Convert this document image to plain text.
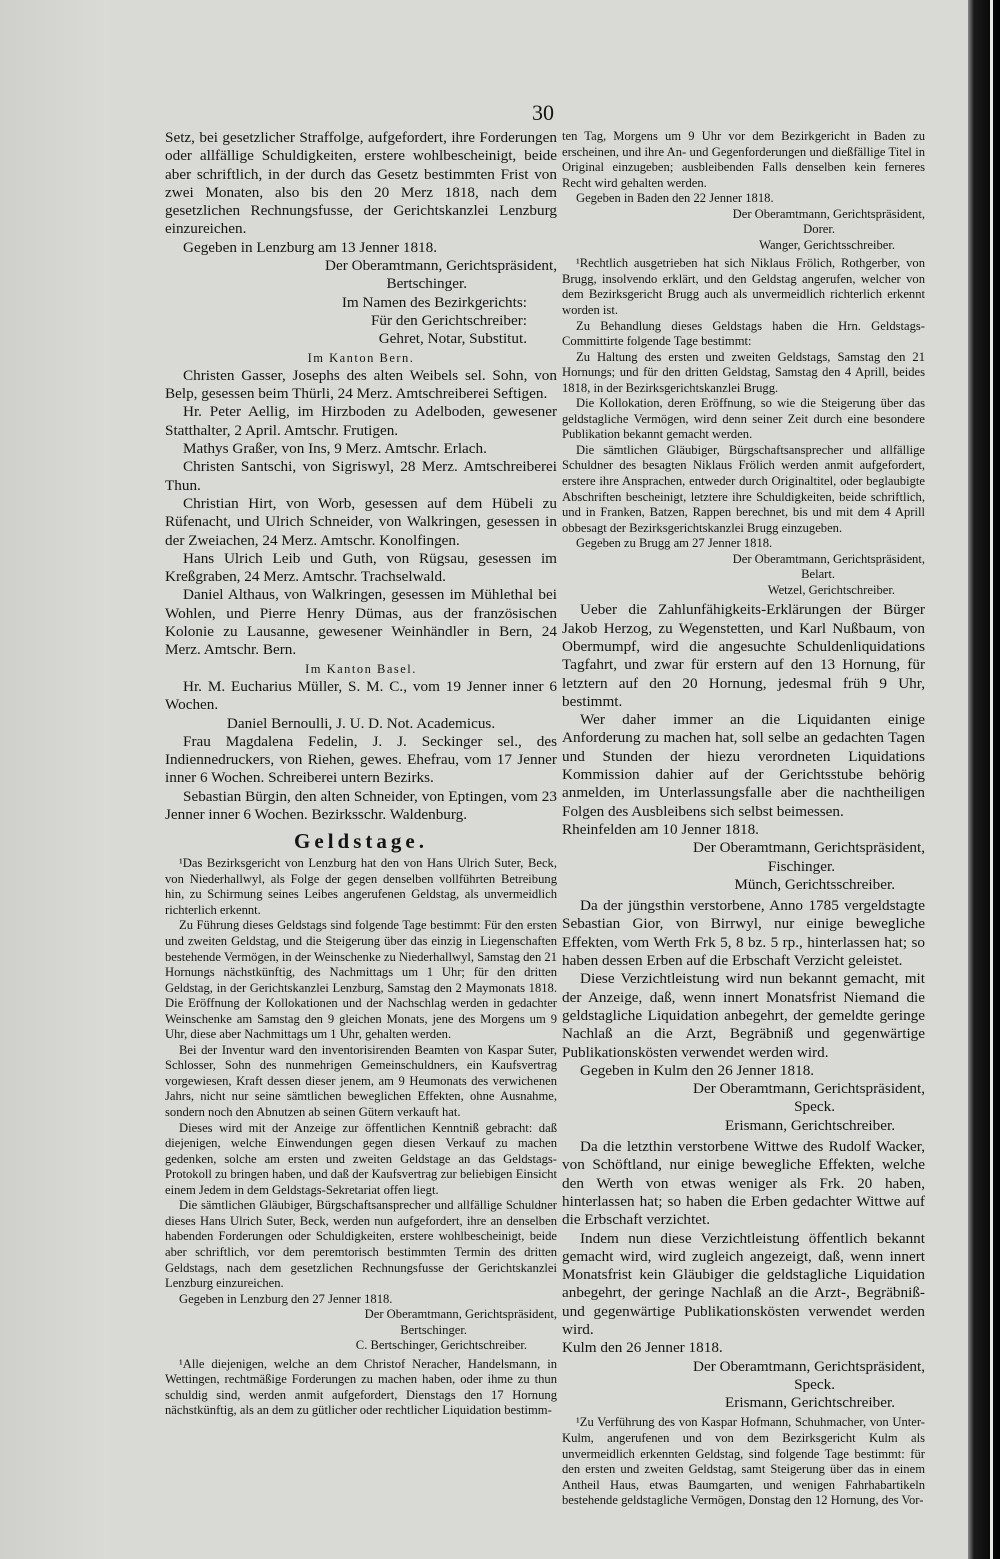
30

Setz, bei gesetzlicher Straffolge, aufgefordert, ihre Forderungen oder allfällige Schuldigkeiten, erstere wohlbescheinigt, beide aber schriftlich, in der durch das Gesetz bestimmten Frist von zwei Monaten, also bis den 20 Merz 1818, nach dem gesetzlichen Rechnungsfusse, der Gerichtskanzlei Lenzburg einzureichen.

Gegeben in Lenzburg am 13 Jenner 1818.

Der Oberamtmann, Gerichtspräsident,

Bertschinger.

Im Namen des Bezirkgerichts:

Für den Gerichtschreiber:

Gehret, Notar, Substitut.

Im Kanton Bern.

Christen Gasser, Josephs des alten Weibels sel. Sohn, von Belp, gesessen beim Thürli, 24 Merz. Amtschreiberei Seftigen.

Hr. Peter Aellig, im Hirzboden zu Adelboden, gewesener Statthalter, 2 April. Amtschr. Frutigen.

Mathys Graßer, von Ins, 9 Merz. Amtschr. Erlach.

Christen Santschi, von Sigriswyl, 28 Merz. Amtschreiberei Thun.

Christian Hirt, von Worb, gesessen auf dem Hübeli zu Rüfenacht, und Ulrich Schneider, von Walkringen, gesessen in der Zweiachen, 24 Merz. Amtschr. Konolfingen.

Hans Ulrich Leib und Guth, von Rügsau, gesessen im Kreßgraben, 24 Merz. Amtschr. Trachselwald.

Daniel Althaus, von Walkringen, gesessen im Mühlethal bei Wohlen, und Pierre Henry Dümas, aus der französischen Kolonie zu Lausanne, gewesener Weinhändler in Bern, 24 Merz. Amtschr. Bern.

Im Kanton Basel.

Hr. M. Eucharius Müller, S. M. C., vom 19 Jenner inner 6 Wochen.

Daniel Bernoulli, J. U. D. Not. Academicus.

Frau Magdalena Fedelin, J. J. Seckinger sel., des Indiennedruckers, von Riehen, gewes. Ehefrau, vom 17 Jenner inner 6 Wochen. Schreiberei untern Bezirks.

Sebastian Bürgin, den alten Schneider, von Eptingen, vom 23 Jenner inner 6 Wochen. Bezirksschr. Waldenburg.

Geldstage.

¹Das Bezirksgericht von Lenzburg hat den von Hans Ulrich Suter, Beck, von Niederhallwyl, als Folge der gegen denselben vollführten Betreibung hin, zu Schirmung seines Leibes angerufenen Geldstag, als unvermeidlich richterlich erkennt.

Zu Führung dieses Geldstags sind folgende Tage bestimmt: Für den ersten und zweiten Geldstag, und die Steigerung über das einzig in Liegenschaften bestehende Vermögen, in der Weinschenke zu Niederhallwyl, Samstag den 21 Hornungs nächstkünftig, des Nachmittags um 1 Uhr; für den dritten Geldstag, in der Gerichtskanzlei Lenzburg, Samstag den 2 Maymonats 1818. Die Eröffnung der Kollokationen und der Nachschlag werden in gedachter Weinschenke am Samstag den 9 gleichen Monats, jene des Morgens um 9 Uhr, diese aber Nachmittags um 1 Uhr, gehalten werden.

Bei der Inventur ward den inventorisirenden Beamten von Kaspar Suter, Schlosser, Sohn des nunmehrigen Gemeinschuldners, ein Kaufsvertrag vorgewiesen, Kraft dessen dieser jenem, am 9 Heumonats des verwichenen Jahrs, nicht nur seine sämtlichen beweglichen Effekten, ohne Ausnahme, sondern noch den Abnutzen ab seinen Gütern verkauft hat.

Dieses wird mit der Anzeige zur öffentlichen Kenntniß gebracht: daß diejenigen, welche Einwendungen gegen diesen Verkauf zu machen gedenken, solche am ersten und zweiten Geldstage an das Geldstags-Protokoll zu bringen haben, und daß der Kaufsvertrag zur beliebigen Einsicht einem Jedem in dem Geldstags-Sekretariat offen liegt.

Die sämtlichen Gläubiger, Bürgschaftsansprecher und allfällige Schuldner dieses Hans Ulrich Suter, Beck, werden nun aufgefordert, ihre an denselben habenden Forderungen oder Schuldigkeiten, erstere wohlbescheinigt, beide aber schriftlich, vor dem peremtorisch bestimmten Termin des dritten Geldstags, nach dem gesetzlichen Rechnungsfusse der Gerichtskanzlei Lenzburg einzureichen.

Gegeben in Lenzburg den 27 Jenner 1818.

Der Oberamtmann, Gerichtspräsident,

Bertschinger.

C. Bertschinger, Gerichtschreiber.

¹Alle diejenigen, welche an dem Christof Neracher, Handelsmann, in Wettingen, rechtmäßige Forderungen zu machen haben, oder ihme zu thun schuldig sind, werden anmit aufgefordert, Dienstags den 17 Hornung nächstkünftig, als an dem zu gütlicher oder rechtlicher Liquidation bestimm-

ten Tag, Morgens um 9 Uhr vor dem Bezirkgericht in Baden zu erscheinen, und ihre An- und Gegenforderungen und dießfällige Titel in Original einzugeben; ausbleibenden Falls denselben kein ferneres Recht wird gehalten werden.

Gegeben in Baden den 22 Jenner 1818.

Der Oberamtmann, Gerichtspräsident,

Dorer.

Wanger, Gerichtsschreiber.

¹Rechtlich ausgetrieben hat sich Niklaus Frölich, Rothgerber, von Brugg, insolvendo erklärt, und den Geldstag angerufen, welcher von dem Bezirksgericht Brugg auch als unvermeidlich richterlich erkennt worden ist.

Zu Behandlung dieses Geldstags haben die Hrn. Geldstags-Committirte folgende Tage bestimmt:

Zu Haltung des ersten und zweiten Geldstags, Samstag den 21 Hornungs; und für den dritten Geldstag, Samstag den 4 Aprill, beides 1818, in der Bezirksgerichtskanzlei Brugg.

Die Kollokation, deren Eröffnung, so wie die Steigerung über das geldstagliche Vermögen, wird denn seiner Zeit durch eine besondere Publikation bekannt gemacht werden.

Die sämtlichen Gläubiger, Bürgschaftsansprecher und allfällige Schuldner des besagten Niklaus Frölich werden anmit aufgefordert, erstere ihre Ansprachen, entweder durch Originaltitel, oder beglaubigte Abschriften bescheinigt, letztere ihre Schuldigkeiten, beide schriftlich, und in Franken, Batzen, Rappen berechnet, bis und mit dem 4 Aprill obbesagt der Bezirksgerichtskanzlei Brugg einzugeben.

Gegeben zu Brugg am 27 Jenner 1818.

Der Oberamtmann, Gerichtspräsident,

Belart.

Wetzel, Gerichtschreiber.

Ueber die Zahlunfähigkeits-Erklärungen der Bürger Jakob Herzog, zu Wegenstetten, und Karl Nußbaum, von Obermumpf, wird die angesuchte Schuldenliquidations Tagfahrt, und zwar für erstern auf den 13 Hornung, für letztern auf den 20 Hornung, jedesmal früh 9 Uhr, bestimmt.

Wer daher immer an die Liquidanten einige Anforderung zu machen hat, soll selbe an gedachten Tagen und Stunden der hiezu verordneten Liquidations Kommission dahier auf der Gerichtsstube behörig anmelden, im Unterlassungsfalle aber die nachtheiligen Folgen des Ausbleibens sich selbst beimessen.

Rheinfelden am 10 Jenner 1818.

Der Oberamtmann, Gerichtspräsident,

Fischinger.

Münch, Gerichtsschreiber.

Da der jüngsthin verstorbene, Anno 1785 vergeldstagte Sebastian Gior, von Birrwyl, nur einige bewegliche Effekten, vom Werth Frk 5, 8 bz. 5 rp., hinterlassen hat; so haben dessen Erben auf die Erbschaft Verzicht geleistet.

Diese Verzichtleistung wird nun bekannt gemacht, mit der Anzeige, daß, wenn innert Monatsfrist Niemand die geldstagliche Liquidation anbegehrt, der gemeldte geringe Nachlaß an die Arzt, Begräbniß und gegenwärtige Publikationskösten verwendet werden wird.

Gegeben in Kulm den 26 Jenner 1818.

Der Oberamtmann, Gerichtspräsident,

Speck.

Erismann, Gerichtschreiber.

Da die letzthin verstorbene Wittwe des Rudolf Wacker, von Schöftland, nur einige bewegliche Effekten, welche den Werth von etwas weniger als Frk. 20 haben, hinterlassen hat; so haben die Erben gedachter Wittwe auf die Erbschaft verzichtet.

Indem nun diese Verzichtleistung öffentlich bekannt gemacht wird, wird zugleich angezeigt, daß, wenn innert Monatsfrist kein Gläubiger die geldstagliche Liquidation anbegehrt, der geringe Nachlaß an die Arzt-, Begräbniß- und gegenwärtige Publikationskösten verwendet werden wird.

Kulm den 26 Jenner 1818.

Der Oberamtmann, Gerichtspräsident,

Speck.

Erismann, Gerichtschreiber.

¹Zu Verführung des von Kaspar Hofmann, Schuhmacher, von Unter-Kulm, angerufenen und von dem Bezirksgericht Kulm als unvermeidlich erkennten Geldstag, sind folgende Tage bestimmt: für den ersten und zweiten Geldstag, samt Steigerung über das in einem Antheil Haus, etwas Baumgarten, und wenigen Fahrhabartikeln bestehende geldstagliche Vermögen, Donstag den 12 Hornung, des Vor-
